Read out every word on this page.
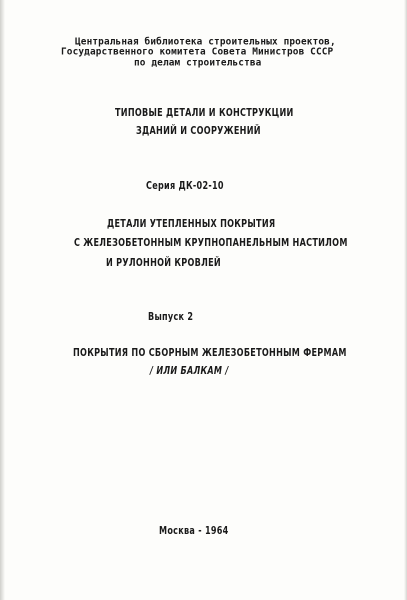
Центральная библиотека строительных проектов,
Государственного комитета Совета Министров СССР
по делам строительства
ТИПОВЫЕ ДЕТАЛИ И КОНСТРУКЦИИ
ЗДАНИЙ И СООРУЖЕНИЙ
Серия ДК-02-10
ДЕТАЛИ УТЕПЛЕННЫХ ПОКРЫТИЯ
С ЖЕЛЕЗОБЕТОННЫМ КРУПНОПАНЕЛЬНЫМ НАСТИЛОМ
И РУЛОННОЙ КРОВЛЕЙ
Выпуск 2
ПОКРЫТИЯ ПО СБОРНЫМ ЖЕЛЕЗОБЕТОННЫМ ФЕРМАМ
/ ИЛИ БАЛКАМ /
Москва - 1964
